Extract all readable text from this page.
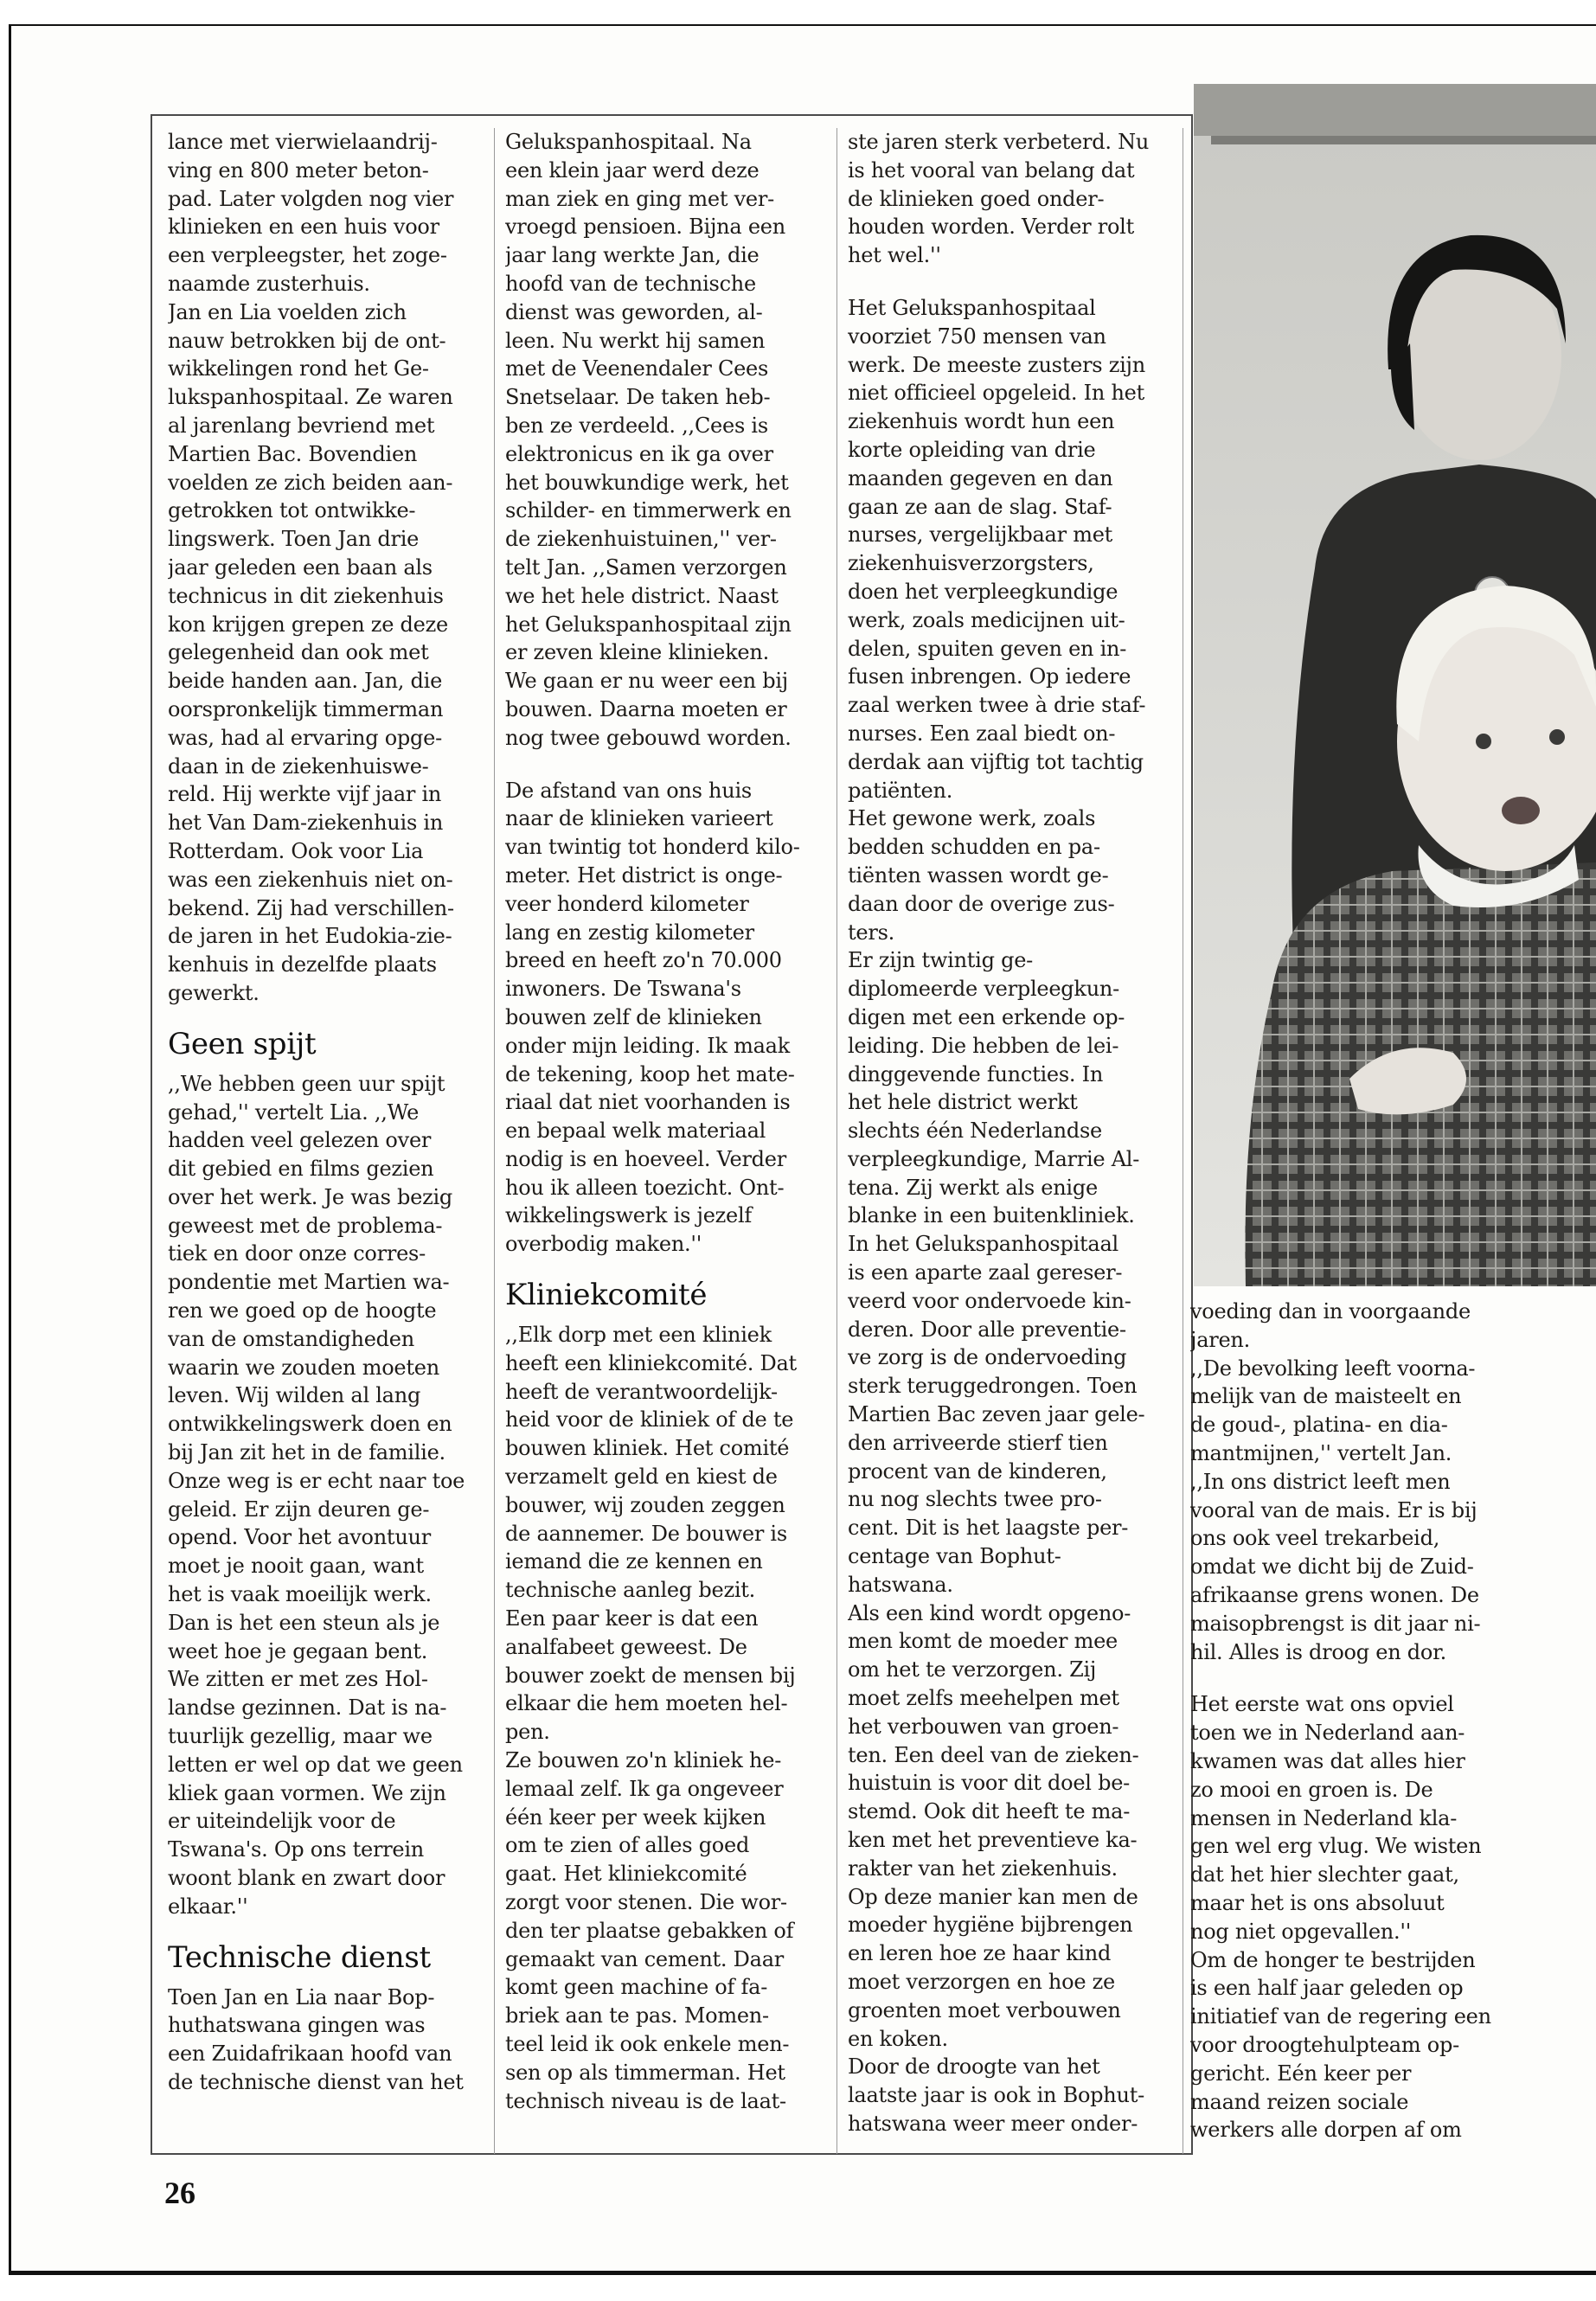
lance met vierwielaandrij-
ving en 800 meter beton-
pad. Later volgden nog vier
klinieken en een huis voor
een verpleegster, het zoge-
naamde zusterhuis.
Jan en Lia voelden zich
nauw betrokken bij de ont-
wikkelingen rond het Ge-
lukspanhospitaal. Ze waren
al jarenlang bevriend met
Martien Bac. Bovendien
voelden ze zich beiden aan-
getrokken tot ontwikke-
lingswerk. Toen Jan drie
jaar geleden een baan als
technicus in dit ziekenhuis
kon krijgen grepen ze deze
gelegenheid dan ook met
beide handen aan. Jan, die
oorspronkelijk timmerman
was, had al ervaring opge-
daan in de ziekenhuiswe-
reld. Hij werkte vijf jaar in
het Van Dam-ziekenhuis in
Rotterdam. Ook voor Lia
was een ziekenhuis niet on-
bekend. Zij had verschillen-
de jaren in het Eudokia-zie-
kenhuis in dezelfde plaats
gewerkt.

Geen spijt

,,We hebben geen uur spijt
gehad,'' vertelt Lia. ,,We
hadden veel gelezen over
dit gebied en films gezien
over het werk. Je was bezig
geweest met de problema-
tiek en door onze corres-
pondentie met Martien wa-
ren we goed op de hoogte
van de omstandigheden
waarin we zouden moeten
leven. Wij wilden al lang
ontwikkelingswerk doen en
bij Jan zit het in de familie.
Onze weg is er echt naar toe
geleid. Er zijn deuren ge-
opend. Voor het avontuur
moet je nooit gaan, want
het is vaak moeilijk werk.
Dan is het een steun als je
weet hoe je gegaan bent.
We zitten er met zes Hol-
landse gezinnen. Dat is na-
tuurlijk gezellig, maar we
letten er wel op dat we geen
kliek gaan vormen. We zijn
er uiteindelijk voor de
Tswana's. Op ons terrein
woont blank en zwart door
elkaar.''

Technische dienst

Toen Jan en Lia naar Bop-
huthatswana gingen was
een Zuidafrikaan hoofd van
de technische dienst van het

Gelukspanhospitaal. Na
een klein jaar werd deze
man ziek en ging met ver-
vroegd pensioen. Bijna een
jaar lang werkte Jan, die
hoofd van de technische
dienst was geworden, al-
leen. Nu werkt hij samen
met de Veenendaler Cees
Snetselaar. De taken heb-
ben ze verdeeld. ,,Cees is
elektronicus en ik ga over
het bouwkundige werk, het
schilder- en timmerwerk en
de ziekenhuistuinen,'' ver-
telt Jan. ,,Samen verzorgen
we het hele district. Naast
het Gelukspanhospitaal zijn
er zeven kleine klinieken.
We gaan er nu weer een bij
bouwen. Daarna moeten er
nog twee gebouwd worden.

De afstand van ons huis
naar de klinieken varieert
van twintig tot honderd kilo-
meter. Het district is onge-
veer honderd kilometer
lang en zestig kilometer
breed en heeft zo'n 70.000
inwoners. De Tswana's
bouwen zelf de klinieken
onder mijn leiding. Ik maak
de tekening, koop het mate-
riaal dat niet voorhanden is
en bepaal welk materiaal
nodig is en hoeveel. Verder
hou ik alleen toezicht. Ont-
wikkelingswerk is jezelf
overbodig maken.''

Kliniekcomité

,,Elk dorp met een kliniek
heeft een kliniekcomité. Dat
heeft de verantwoordelijk-
heid voor de kliniek of de te
bouwen kliniek. Het comité
verzamelt geld en kiest de
bouwer, wij zouden zeggen
de aannemer. De bouwer is
iemand die ze kennen en
technische aanleg bezit.
Een paar keer is dat een
analfabeet geweest. De
bouwer zoekt de mensen bij
elkaar die hem moeten hel-
pen.
Ze bouwen zo'n kliniek he-
lemaal zelf. Ik ga ongeveer
één keer per week kijken
om te zien of alles goed
gaat. Het kliniekcomité
zorgt voor stenen. Die wor-
den ter plaatse gebakken of
gemaakt van cement. Daar
komt geen machine of fa-
briek aan te pas. Momen-
teel leid ik ook enkele men-
sen op als timmerman. Het
technisch niveau is de laat-

ste jaren sterk verbeterd. Nu
is het vooral van belang dat
de klinieken goed onder-
houden worden. Verder rolt
het wel.''

Het Gelukspanhospitaal
voorziet 750 mensen van
werk. De meeste zusters zijn
niet officieel opgeleid. In het
ziekenhuis wordt hun een
korte opleiding van drie
maanden gegeven en dan
gaan ze aan de slag. Staf-
nurses, vergelijkbaar met
ziekenhuisverzorgsters,
doen het verpleegkundige
werk, zoals medicijnen uit-
delen, spuiten geven en in-
fusen inbrengen. Op iedere
zaal werken twee à drie staf-
nurses. Een zaal biedt on-
derdak aan vijftig tot tachtig
patiënten.
Het gewone werk, zoals
bedden schudden en pa-
tiënten wassen wordt ge-
daan door de overige zus-
ters.
Er zijn twintig ge-
diplomeerde verpleegkun-
digen met een erkende op-
leiding. Die hebben de lei-
dinggevende functies. In
het hele district werkt
slechts één Nederlandse
verpleegkundige, Marrie Al-
tena. Zij werkt als enige
blanke in een buitenkliniek.
In het Gelukspanhospitaal
is een aparte zaal gereser-
veerd voor ondervoede kin-
deren. Door alle preventie-
ve zorg is de ondervoeding
sterk teruggedrongen. Toen
Martien Bac zeven jaar gele-
den arriveerde stierf tien
procent van de kinderen,
nu nog slechts twee pro-
cent. Dit is het laagste per-
centage van Bophut-
hatswana.
Als een kind wordt opgeno-
men komt de moeder mee
om het te verzorgen. Zij
moet zelfs meehelpen met
het verbouwen van groen-
ten. Een deel van de zieken-
huistuin is voor dit doel be-
stemd. Ook dit heeft te ma-
ken met het preventieve ka-
rakter van het ziekenhuis.
Op deze manier kan men de
moeder hygiëne bijbrengen
en leren hoe ze haar kind
moet verzorgen en hoe ze
groenten moet verbouwen
en koken.
Door de droogte van het
laatste jaar is ook in Bophut-
hatswana weer meer onder-

voeding dan in voorgaande
jaren.
,,De bevolking leeft voorna-
melijk van de maisteelt en
de goud-, platina- en dia-
mantmijnen,'' vertelt Jan.
,,In ons district leeft men
vooral van de mais. Er is bij
ons ook veel trekarbeid,
omdat we dicht bij de Zuid-
afrikaanse grens wonen. De
maisopbrengst is dit jaar ni-
hil. Alles is droog en dor.

Het eerste wat ons opviel
toen we in Nederland aan-
kwamen was dat alles hier
zo mooi en groen is. De
mensen in Nederland kla-
gen wel erg vlug. We wisten
dat het hier slechter gaat,
maar het is ons absoluut
nog niet opgevallen.''
Om de honger te bestrijden
is een half jaar geleden op
initiatief van de regering een
voor droogtehulpteam op-
gericht. Eén keer per
maand reizen sociale
werkers alle dorpen af om

26
